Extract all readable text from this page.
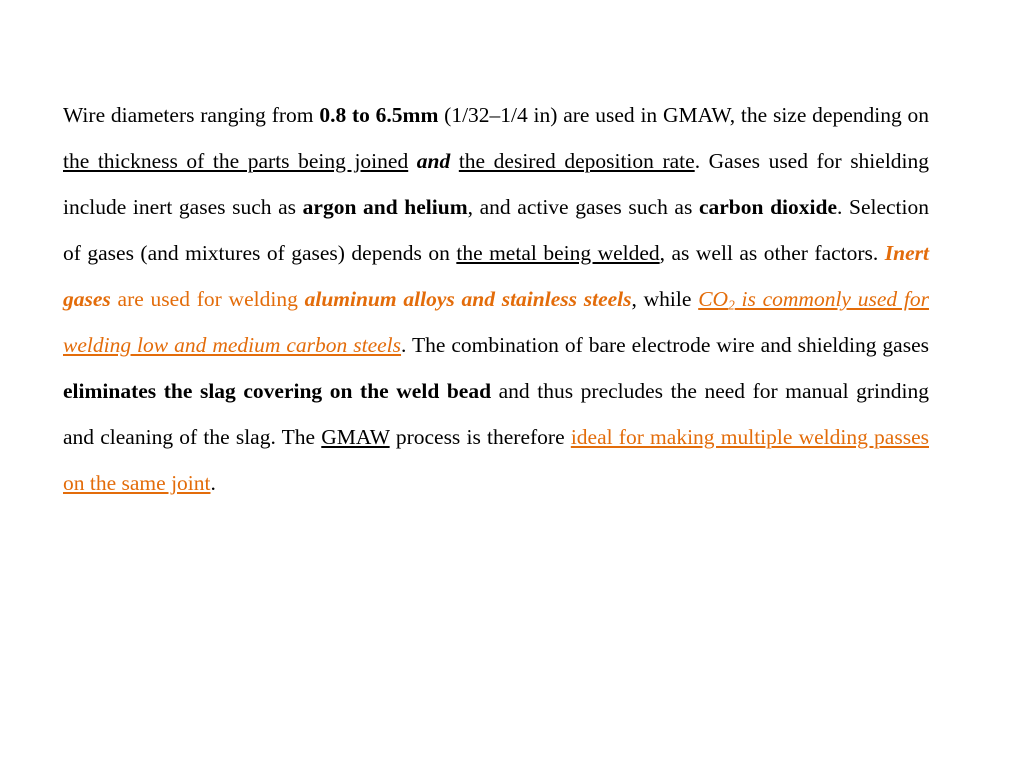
Wire diameters ranging from 0.8 to 6.5mm (1/32–1/4 in) are used in GMAW, the size depending on the thickness of the parts being joined and the desired deposition rate. Gases used for shielding include inert gases such as argon and helium, and active gases such as carbon dioxide. Selection of gases (and mixtures of gases) depends on the metal being welded, as well as other factors. Inert gases are used for welding aluminum alloys and stainless steels, while $CO_2$ is commonly used for welding low and medium carbon steels. The combination of bare electrode wire and shielding gases eliminates the slag covering on the weld bead and thus precludes the need for manual grinding and cleaning of the slag. The GMAW process is therefore ideal for making multiple welding passes on the same joint.
